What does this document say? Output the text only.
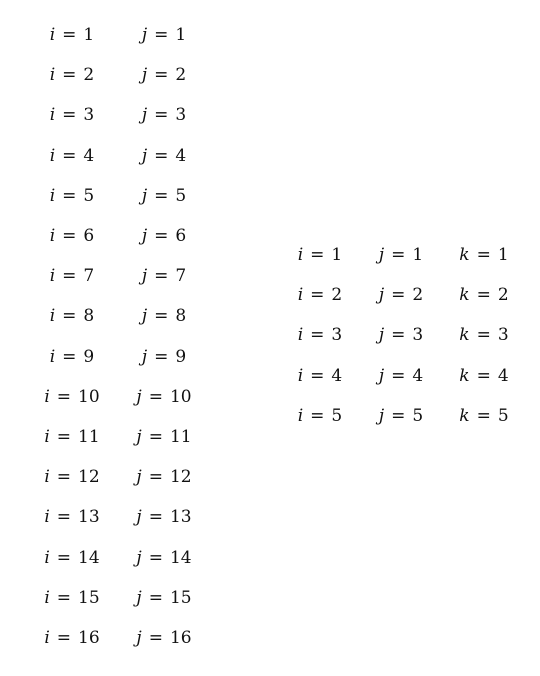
i = 1
i = 2
i = 3
i = 4
i = 5
i = 6
i = 7
i = 8
i = 9
i = 10
i = 11
i = 12
i = 13
i = 14
i = 15
i = 16
j = 1
j = 2
j = 3
j = 4
j = 5
j = 6
j = 7
j = 8
j = 9
j = 10
j = 11
j = 12
j = 13
j = 14
j = 15
j = 16
i = 1
i = 2
i = 3
i = 4
i = 5
j = 1
j = 2
j = 3
j = 4
j = 5
k = 1
k = 2
k = 3
k = 4
k = 5
